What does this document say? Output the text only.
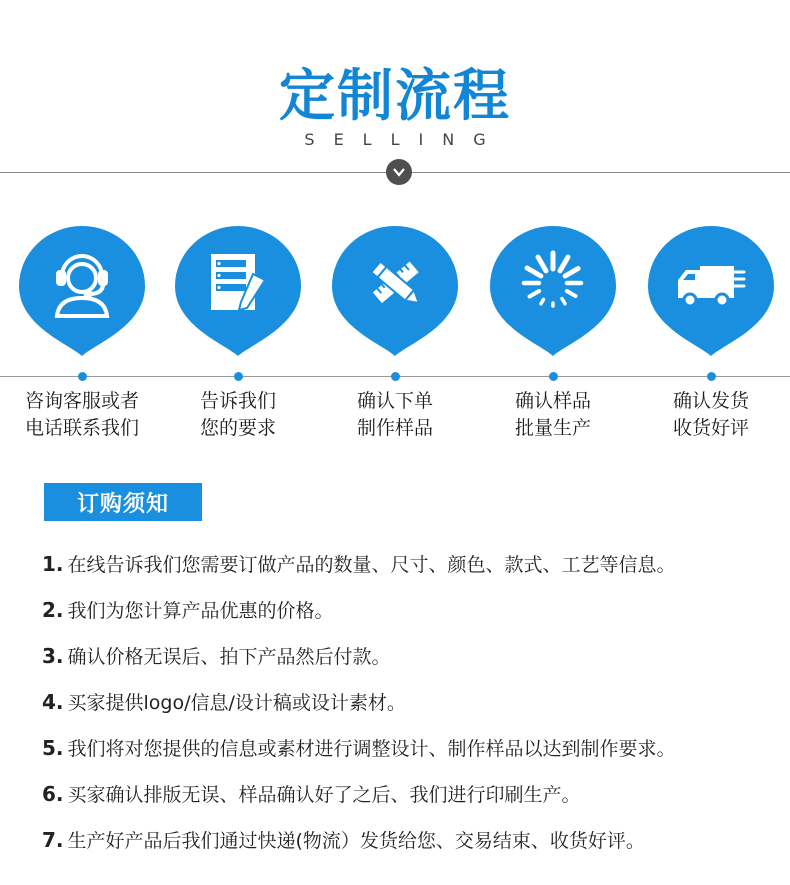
定制流程
SELLING
咨询客服或者
电话联系我们
告诉我们
您的要求
确认下单
制作样品
确认样品
批量生产
确认发货
收货好评
订购须知
1. 在线告诉我们您需要订做产品的数量、尺寸、颜色、款式、工艺等信息。
2. 我们为您计算产品优惠的价格。
3. 确认价格无误后、拍下产品然后付款。
4. 买家提供logo/信息/设计稿或设计素材。
5. 我们将对您提供的信息或素材进行调整设计、制作样品以达到制作要求。
6. 买家确认排版无误、样品确认好了之后、我们进行印刷生产。
7. 生产好产品后我们通过快递(物流）发货给您、交易结束、收货好评。
